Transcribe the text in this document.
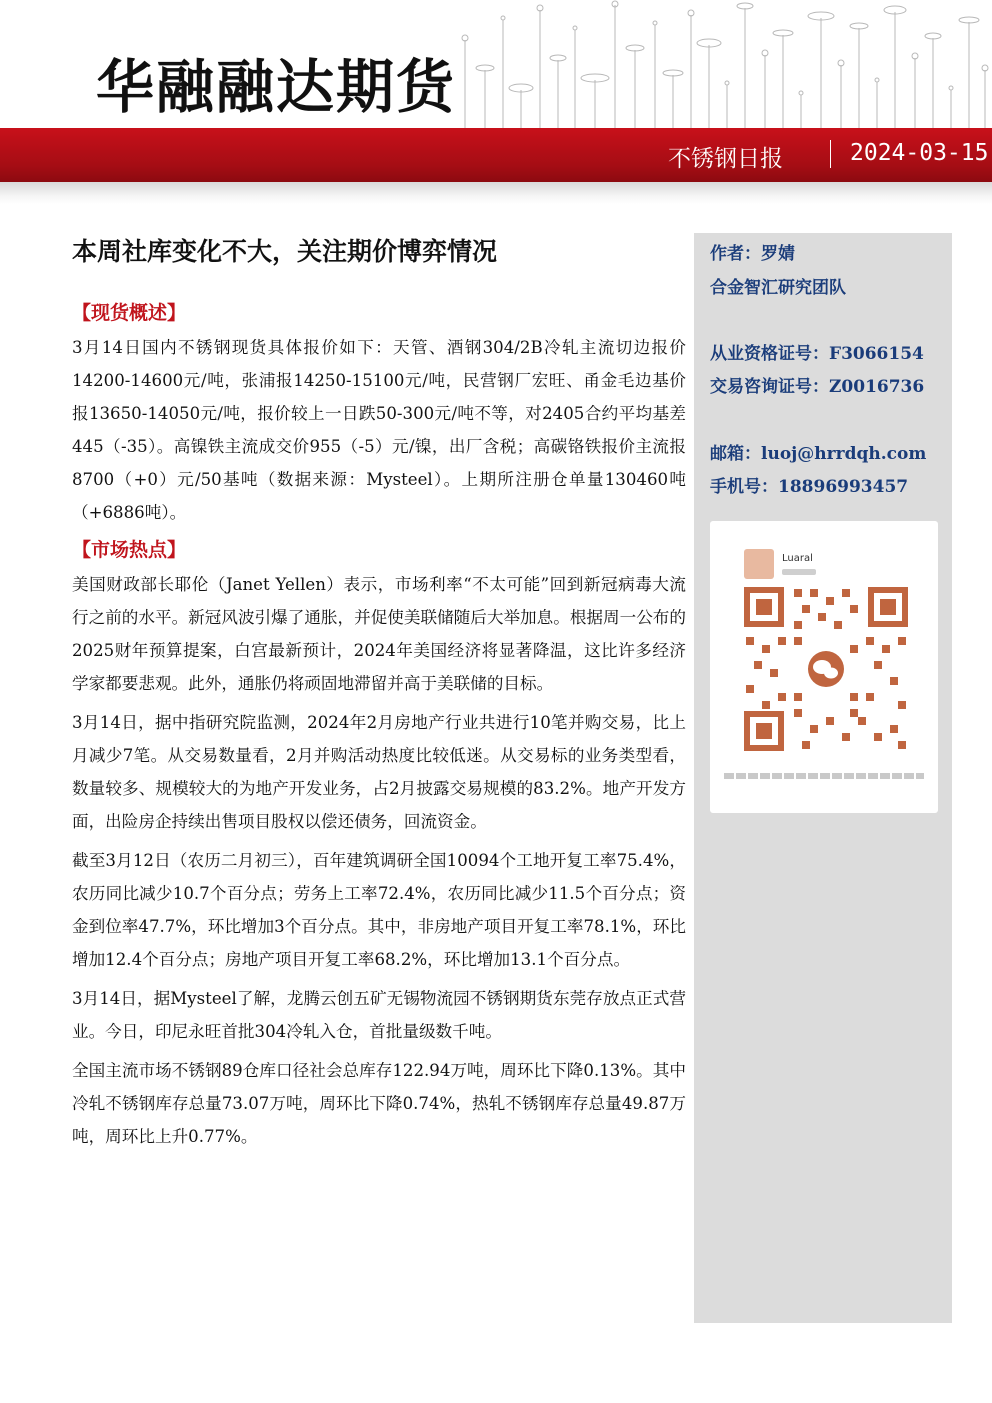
华融融达期货
不锈钢日报	2024-03-15
本周社库变化不大，关注期价博弈情况
【现货概述】

3月14日国内不锈钢现货具体报价如下：天管、酒钢304/2B冷轧主流切边报价14200-14600元/吨，张浦报14250-15100元/吨，民营钢厂宏旺、甬金毛边基价报13650-14050元/吨，报价较上一日跌50-300元/吨不等，对2405合约平均基差445（-35）。高镍铁主流成交价955（-5）元/镍，出厂含税；高碳铬铁报价主流报8700（+0）元/50基吨（数据来源：Mysteel）。上期所注册仓单量130460吨（+6886吨）。

【市场热点】

美国财政部长耶伦（Janet Yellen）表示，市场利率“不太可能”回到新冠病毒大流行之前的水平。新冠风波引爆了通胀，并促使美联储随后大举加息。根据周一公布的2025财年预算提案，白宫最新预计，2024年美国经济将显著降温，这比许多经济学家都要悲观。此外，通胀仍将顽固地滞留并高于美联储的目标。

3月14日，据中指研究院监测，2024年2月房地产行业共进行10笔并购交易，比上月减少7笔。从交易数量看，2月并购活动热度比较低迷。从交易标的业务类型看，数量较多、规模较大的为地产开发业务，占2月披露交易规模的83.2%。地产开发方面，出险房企持续出售项目股权以偿还债务，回流资金。

截至3月12日（农历二月初三），百年建筑调研全国10094个工地开复工率75.4%，农历同比减少10.7个百分点；劳务上工率72.4%，农历同比减少11.5个百分点；资金到位率47.7%，环比增加3个百分点。其中，非房地产项目开复工率78.1%，环比增加12.4个百分点；房地产项目开复工率68.2%，环比增加13.1个百分点。

3月14日，据Mysteel了解，龙腾云创五矿无锡物流园不锈钢期货东莞存放点正式营业。今日，印尼永旺首批304冷轧入仓，首批量级数千吨。

全国主流市场不锈钢89仓库口径社会总库存122.94万吨，周环比下降0.13%。其中冷轧不锈钢库存总量73.07万吨，周环比下降0.74%，热轧不锈钢库存总量49.87万吨，周环比上升0.77%。

作者：罗婧
合金智汇研究团队
从业资格证号：F3066154
交易咨询证号：Z0016736
邮箱：luoj@hrrdqh.com
手机号：18896993457
Luaral
